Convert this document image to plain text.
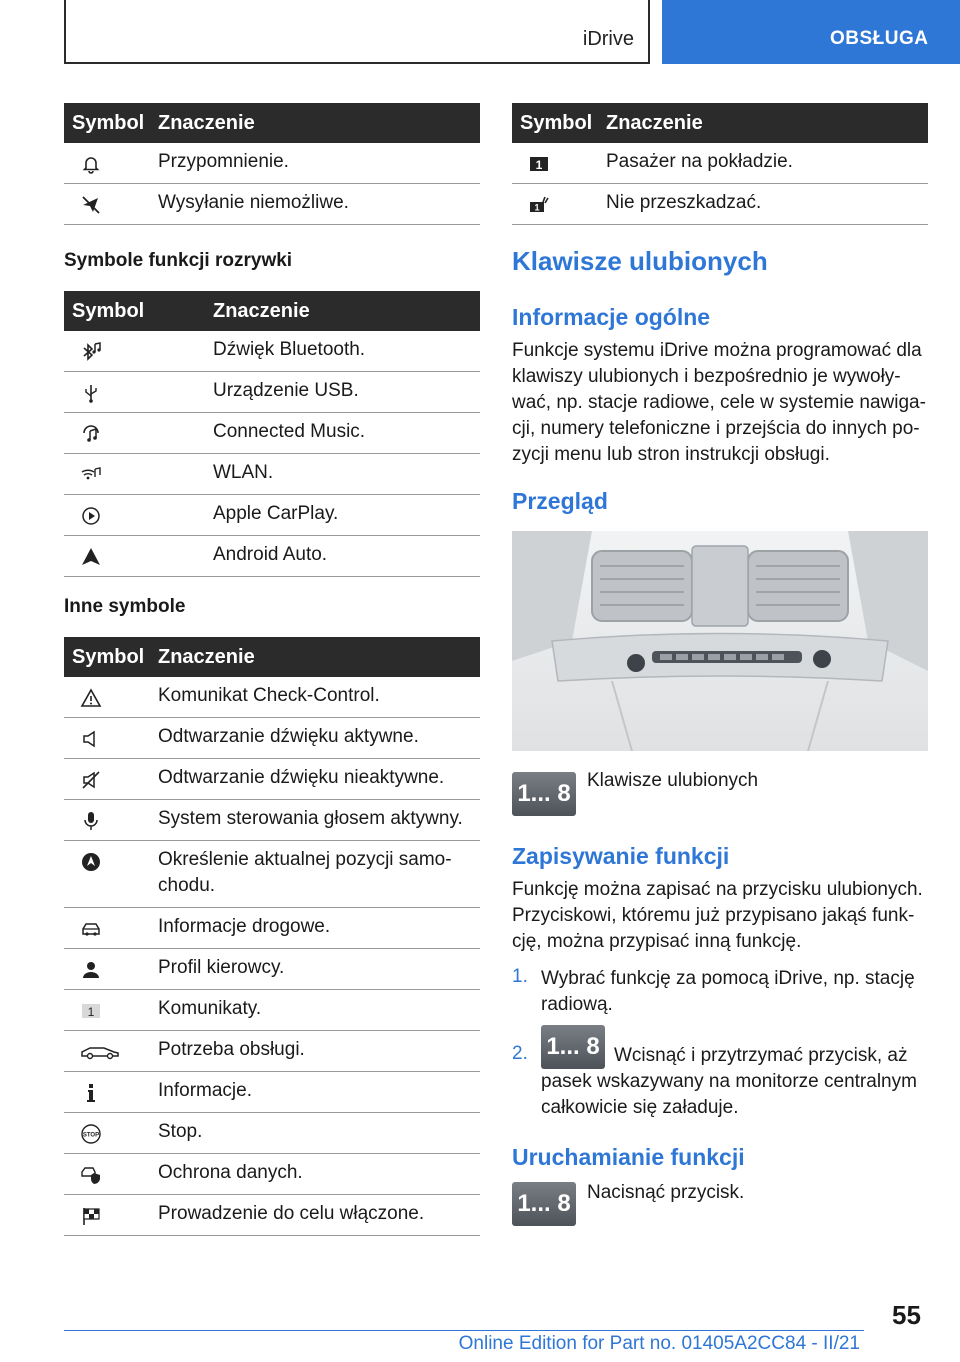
iDrive	OBSŁUGA
Symbol Znaczenie
Przypomnienie.
Wysyłanie niemożliwe.
Symbole funkcji rozrywki
Symbol	Znaczenie
Dźwięk Bluetooth.
Urządzenie USB.
Connected Music.
WLAN.
Apple CarPlay.
Android Auto.
Inne symbole
Symbol Znaczenie
Komunikat Check-Control.
Odtwarzanie dźwięku aktywne.
Odtwarzanie dźwięku nieaktywne.
System sterowania głosem aktywny.
Określenie aktualnej pozycji samo-
chodu.
Informacje drogowe.
Profil kierowcy.
1	Komunikaty.
Potrzeba obsługi.
Informacje.
STOP	Stop.
Ochrona danych.
Prowadzenie do celu włączone.
Symbol Znaczenie
1	Pasażer na pokładzie.
1	Nie przeszkadzać.
Klawisze ulubionych
Informacje ogólne
Funkcje systemu iDrive można programować dla
klawiszy ulubionych i bezpośrednio je wywoły-
wać, np. stacje radiowe, cele w systemie nawiga-
cji, numery telefoniczne i przejścia do innych po-
zycji menu lub stron instrukcji obsługi.
Przegląd
1... 8 Klawisze ulubionych
Zapisywanie funkcji
Funkcję można zapisać na przycisku ulubionych.
Przyciskowi, któremu już przypisano jakąś funk-
cję, można przypisać inną funkcję.
1. Wybrać funkcję za pomocą iDrive, np. stację
radiową.
2. 1... 8 Wcisnąć i przytrzymać przycisk, aż
pasek wskazywany na monitorze centralnym
całkowicie się załaduje.
Uruchamianie funkcji
1... 8 Nacisnąć przycisk.
55
Online Edition for Part no. 01405A2CC84 - II/21
